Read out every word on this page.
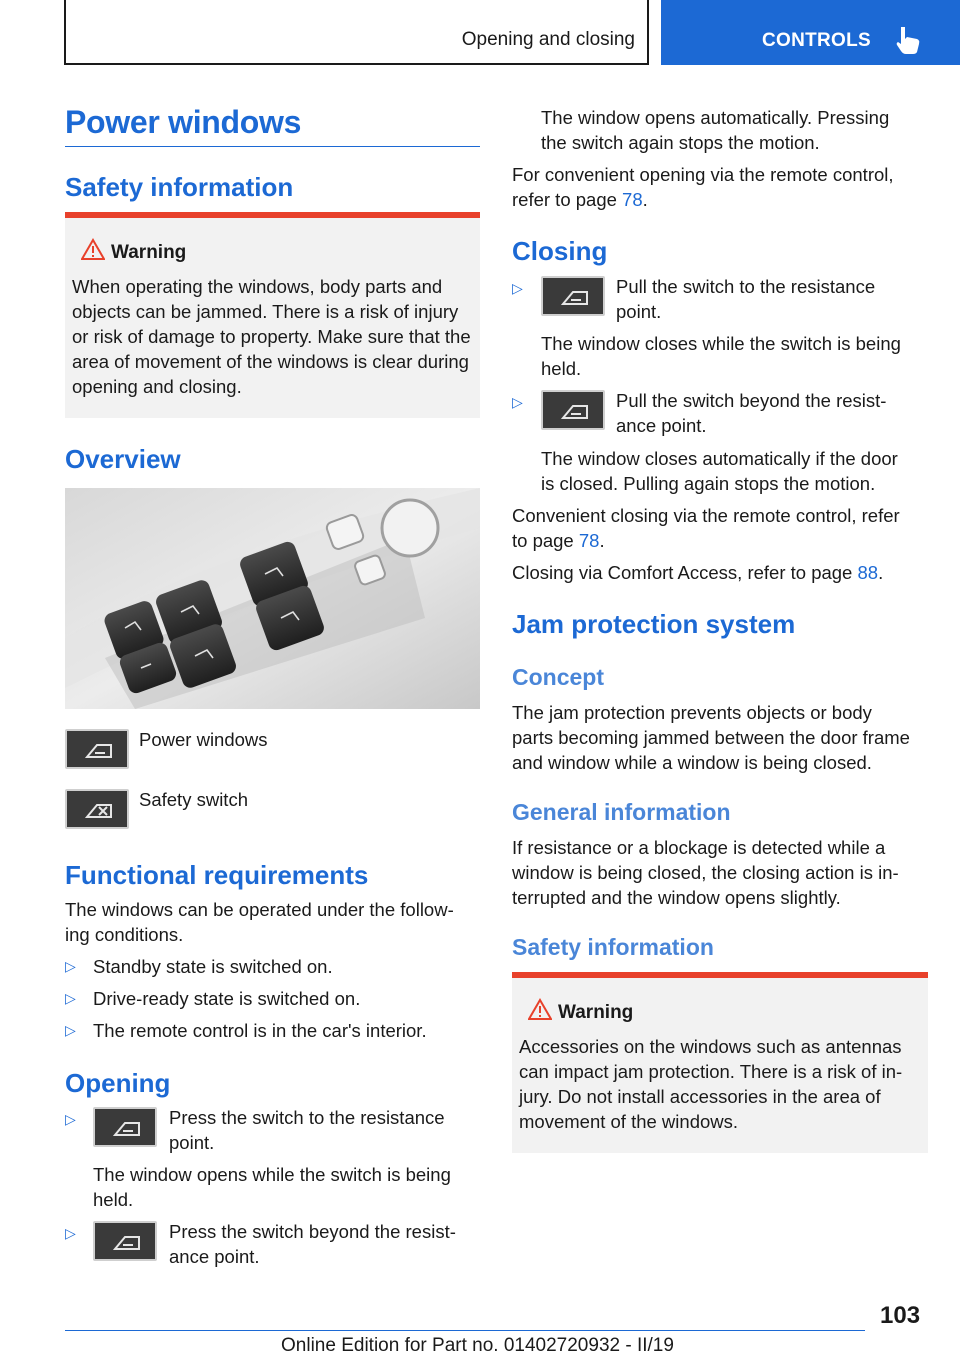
Opening and closing	CONTROLS
Power windows
Safety information
Warning
When operating the windows, body parts and objects can be jammed. There is a risk of injury or risk of damage to property. Make sure that the area of movement of the windows is clear during opening and closing.
Overview
Power windows
Safety switch
Functional requirements
The windows can be operated under the follow-
ing conditions.
▷ Standby state is switched on.
▷ Drive-ready state is switched on.
▷ The remote control is in the car's interior.
Opening
▷	Press the switch to the resistance
point.
The window opens while the switch is being
held.
▷	Press the switch beyond the resist-
ance point.
The window opens automatically. Pressing
the switch again stops the motion.
For convenient opening via the remote control,
refer to page 78.
Closing
▷	Pull the switch to the resistance
point.
The window closes while the switch is being
held.
▷	Pull the switch beyond the resist-
ance point.
The window closes automatically if the door
is closed. Pulling again stops the motion.
Convenient closing via the remote control, refer
to page 78.
Closing via Comfort Access, refer to page 88.
Jam protection system
Concept
The jam protection prevents objects or body
parts becoming jammed between the door frame
and window while a window is being closed.
General information
If resistance or a blockage is detected while a
window is being closed, the closing action is in-
terrupted and the window opens slightly.
Safety information
Warning
Accessories on the windows such as antennas can impact jam protection. There is a risk of in-jury. Do not install accessories in the area of movement of the windows.
103
Online Edition for Part no. 01402720932 - II/19
